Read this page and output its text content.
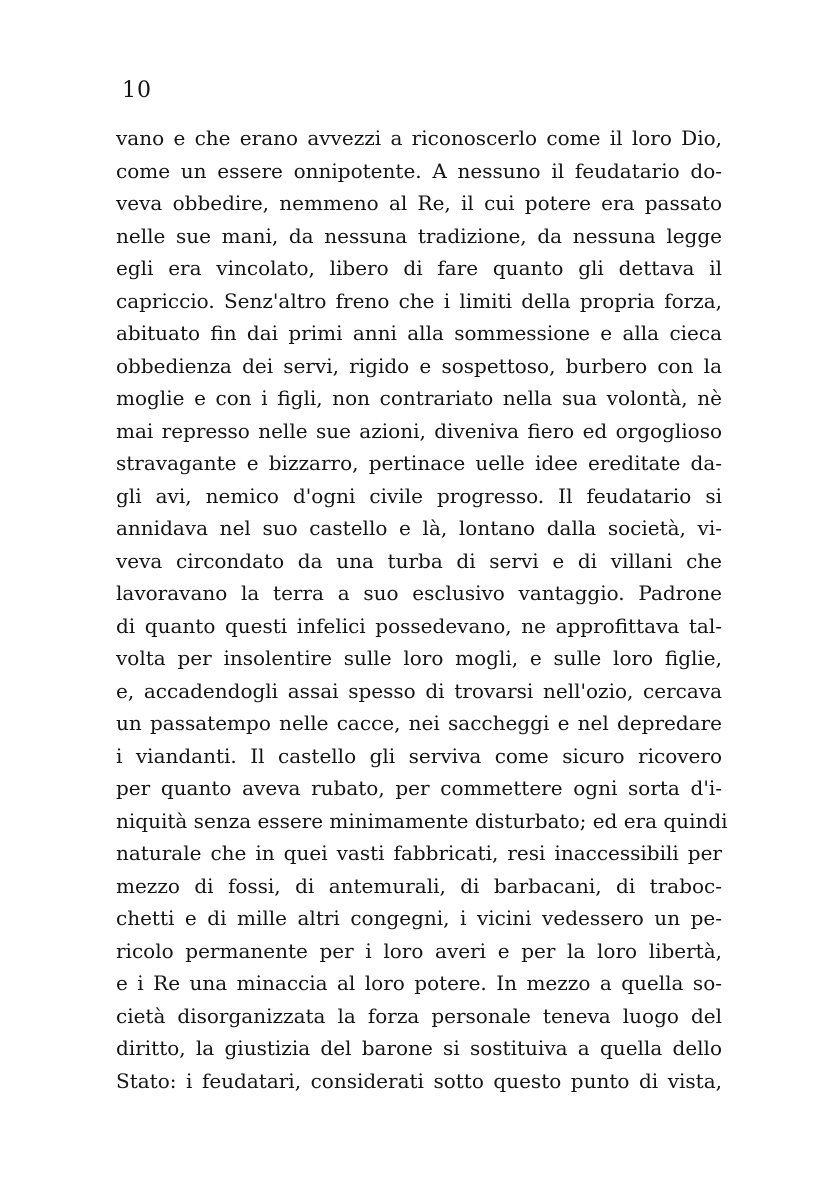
10
vano e che erano avvezzi a riconoscerlo come il loro Dio,
come un essere onnipotente. A nessuno il feudatario do-
veva obbedire, nemmeno al Re, il cui potere era passato
nelle sue mani, da nessuna tradizione, da nessuna legge
egli era vincolato, libero di fare quanto gli dettava il
capriccio. Senz'altro freno che i limiti della propria forza,
abituato fin dai primi anni alla sommessione e alla cieca
obbedienza dei servi, rigido e sospettoso, burbero con la
moglie e con i figli, non contrariato nella sua volontà, nè
mai represso nelle sue azioni, diveniva fiero ed orgoglioso
stravagante e bizzarro, pertinace uelle idee ereditate da-
gli avi, nemico d'ogni civile progresso. Il feudatario si
annidava nel suo castello e là, lontano dalla società, vi-
veva circondato da una turba di servi e di villani che
lavoravano la terra a suo esclusivo vantaggio. Padrone
di quanto questi infelici possedevano, ne approfittava tal-
volta per insolentire sulle loro mogli, e sulle loro figlie,
e, accadendogli assai spesso di trovarsi nell'ozio, cercava
un passatempo nelle cacce, nei saccheggi e nel depredare
i viandanti. Il castello gli serviva come sicuro ricovero
per quanto aveva rubato, per commettere ogni sorta d'i-
niquità senza essere minimamente disturbato; ed era quindi
naturale che in quei vasti fabbricati, resi inaccessibili per
mezzo di fossi, di antemurali, di barbacani, di traboc-
chetti e di mille altri congegni, i vicini vedessero un pe-
ricolo permanente per i loro averi e per la loro libertà,
e i Re una minaccia al loro potere. In mezzo a quella so-
cietà disorganizzata la forza personale teneva luogo del
diritto, la giustizia del barone si sostituiva a quella dello
Stato: i feudatari, considerati sotto questo punto di vista,
